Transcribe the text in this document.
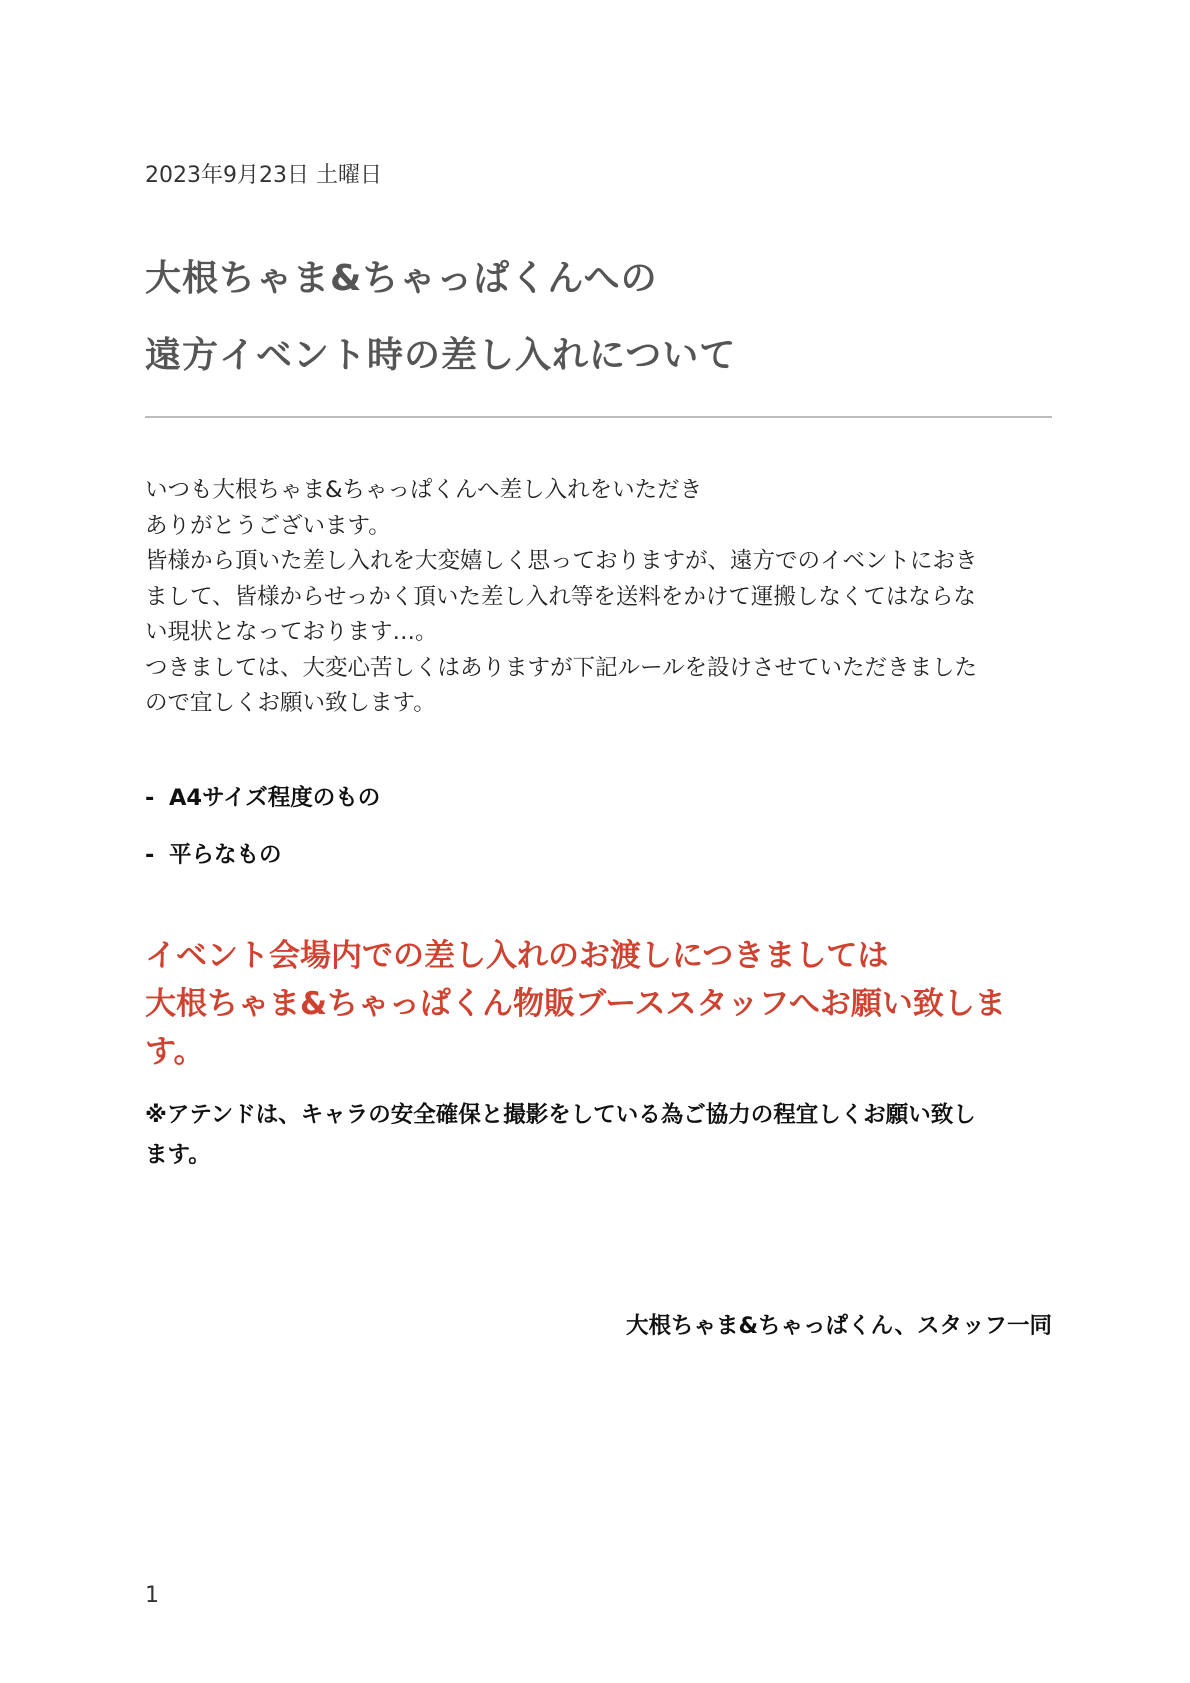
2023年9月23日 土曜日
大根ちゃま&ちゃっぱくんへの
遠方イベント時の差し入れについて

いつも大根ちゃま&ちゃっぱくんへ差し入れをいただき

ありがとうございます。

皆様から頂いた差し入れを大変嬉しく思っておりますが、遠方でのイベントにおき

まして、皆様からせっかく頂いた差し入れ等を送料をかけて運搬しなくてはならな

い現状となっております…。

つきましては、大変心苦しくはありますが下記ルールを設けさせていただきました

ので宜しくお願い致します。

- A4サイズ程度のもの
- 平らなもの

イベント会場内での差し入れのお渡しにつきましては

大根ちゃま&ちゃっぱくん物販ブーススタッフへお願い致しま

す。

※アテンドは、キャラの安全確保と撮影をしている為ご協力の程宜しくお願い致し

ます。

大根ちゃま&ちゃっぱくん、スタッフ一同
1
